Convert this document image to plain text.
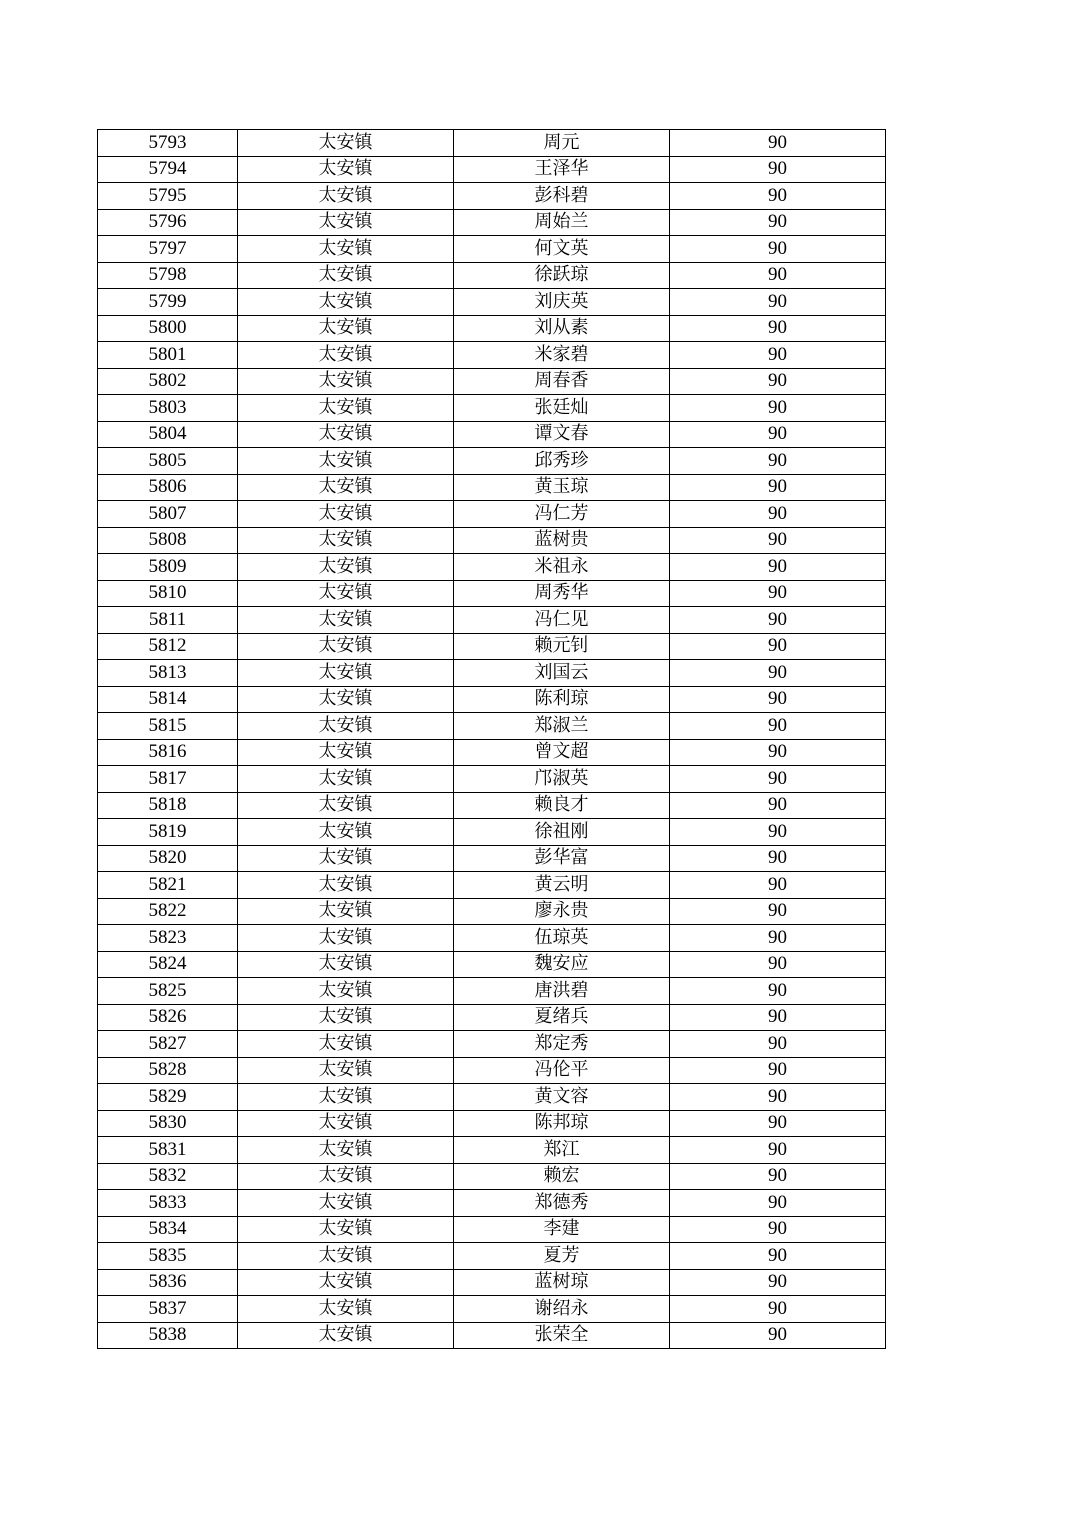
5793	太安镇	周元	90
5794	太安镇	王泽华	90
5795	太安镇	彭科碧	90
5796	太安镇	周始兰	90
5797	太安镇	何文英	90
5798	太安镇	徐跃琼	90
5799	太安镇	刘庆英	90
5800	太安镇	刘从素	90
5801	太安镇	米家碧	90
5802	太安镇	周春香	90
5803	太安镇	张廷灿	90
5804	太安镇	谭文春	90
5805	太安镇	邱秀珍	90
5806	太安镇	黄玉琼	90
5807	太安镇	冯仁芳	90
5808	太安镇	蓝树贵	90
5809	太安镇	米祖永	90
5810	太安镇	周秀华	90
5811	太安镇	冯仁见	90
5812	太安镇	赖元钊	90
5813	太安镇	刘国云	90
5814	太安镇	陈利琼	90
5815	太安镇	郑淑兰	90
5816	太安镇	曾文超	90
5817	太安镇	邝淑英	90
5818	太安镇	赖良才	90
5819	太安镇	徐祖刚	90
5820	太安镇	彭华富	90
5821	太安镇	黄云明	90
5822	太安镇	廖永贵	90
5823	太安镇	伍琼英	90
5824	太安镇	魏安应	90
5825	太安镇	唐洪碧	90
5826	太安镇	夏绪兵	90
5827	太安镇	郑定秀	90
5828	太安镇	冯伦平	90
5829	太安镇	黄文容	90
5830	太安镇	陈邦琼	90
5831	太安镇	郑江	90
5832	太安镇	赖宏	90
5833	太安镇	郑德秀	90
5834	太安镇	李建	90
5835	太安镇	夏芳	90
5836	太安镇	蓝树琼	90
5837	太安镇	谢绍永	90
5838	太安镇	张荣全	90
